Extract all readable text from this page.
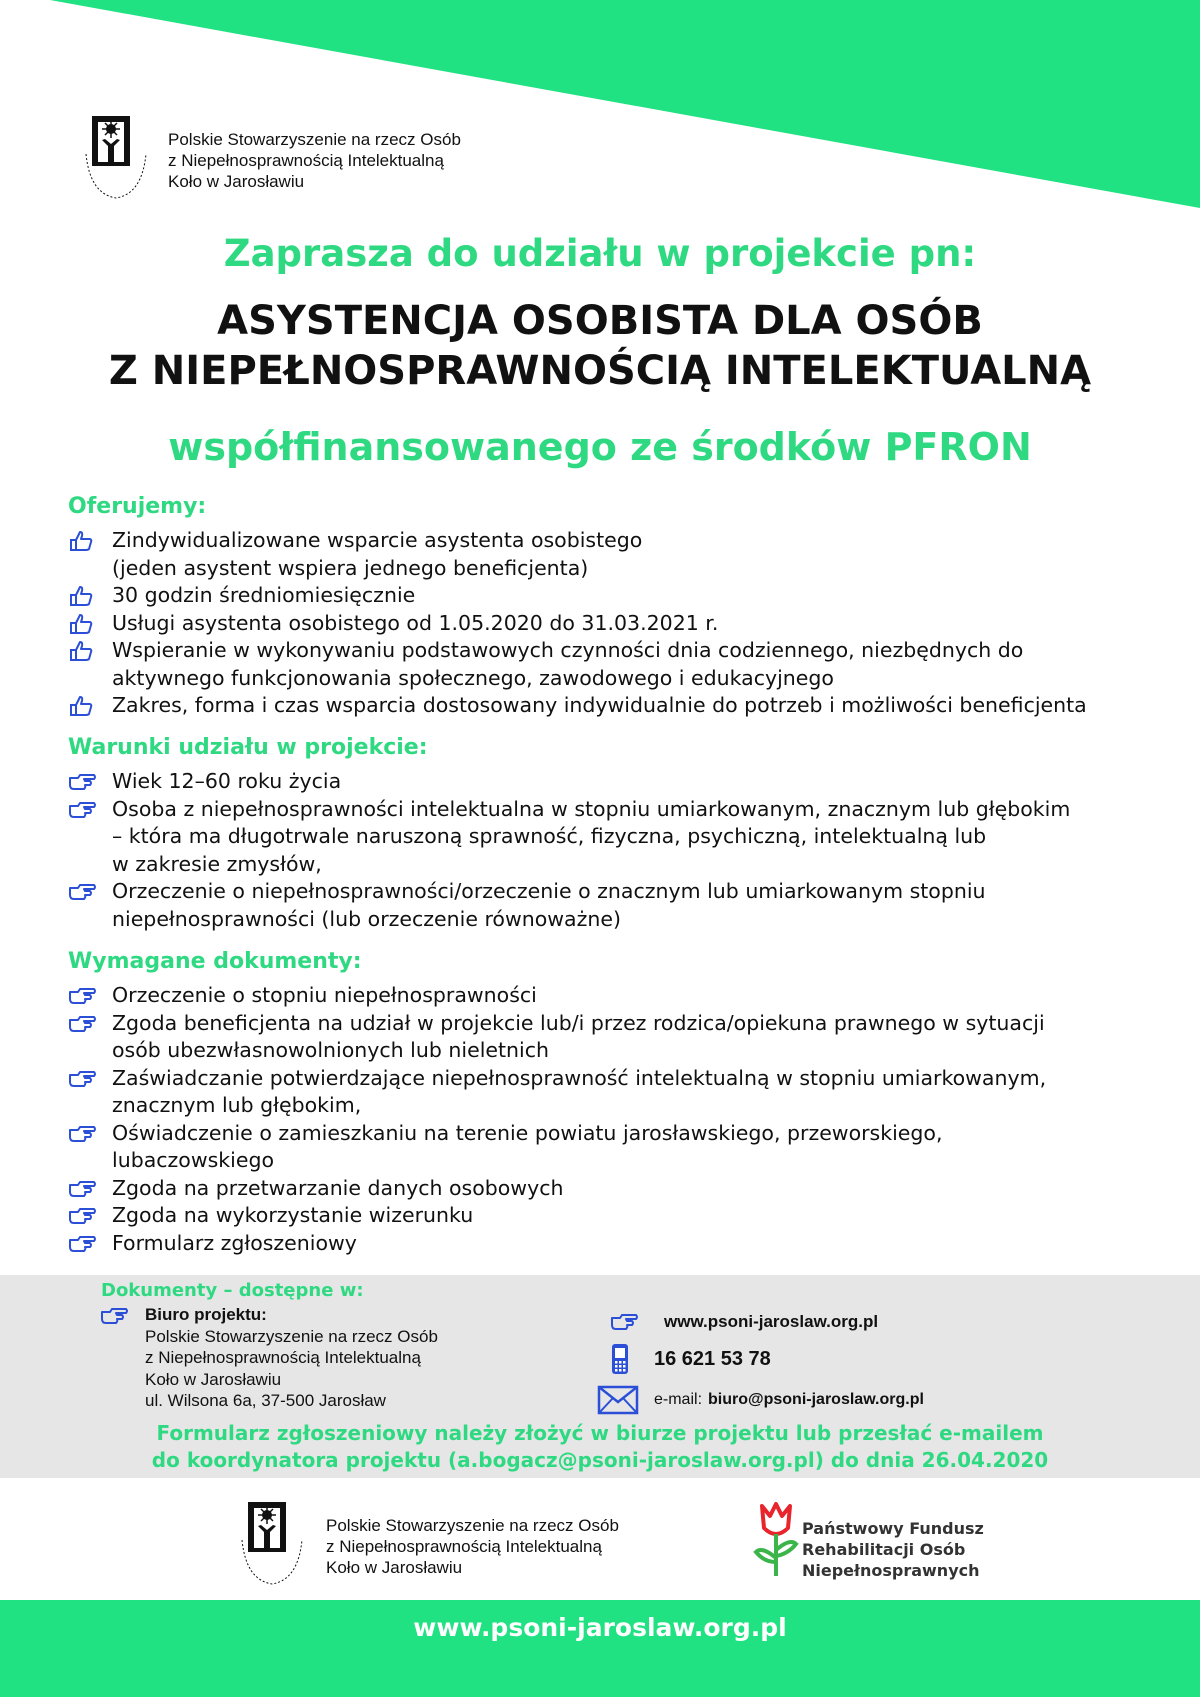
Polskie Stowarzyszenie na rzecz Osób
z Niepełnosprawnością Intelektualną
Koło w Jarosławiu
Zaprasza do udziału w projekcie pn:
ASYSTENCJA OSOBISTA DLA OSÓB
Z NIEPEŁNOSPRAWNOŚCIĄ INTELEKTUALNĄ
współfinansowanego ze środków PFRON
Oferujemy:
Zindywidualizowane wsparcie asystenta osobistego
(jeden asystent wspiera jednego beneficjenta)
30 godzin średniomiesięcznie
Usługi asystenta osobistego od 1.05.2020 do 31.03.2021 r.
Wspieranie w wykonywaniu podstawowych czynności dnia codziennego, niezbędnych do
aktywnego funkcjonowania społecznego, zawodowego i edukacyjnego
Zakres, forma i czas wsparcia dostosowany indywidualnie do potrzeb i możliwości beneficjenta
Warunki udziału w projekcie:
Wiek 12–60 roku życia
Osoba z niepełnosprawności intelektualna w stopniu umiarkowanym, znacznym lub głębokim
– która ma długotrwale naruszoną sprawność, fizyczna, psychiczną, intelektualną lub
w zakresie zmysłów,
Orzeczenie o niepełnosprawności/orzeczenie o znacznym lub umiarkowanym stopniu
niepełnosprawności (lub orzeczenie równoważne)
Wymagane dokumenty:
Orzeczenie o stopniu niepełnosprawności
Zgoda beneficjenta na udział w projekcie lub/i przez rodzica/opiekuna prawnego w sytuacji
osób ubezwłasnowolnionych lub nieletnich
Zaświadczanie potwierdzające niepełnosprawność intelektualną w stopniu umiarkowanym,
znacznym lub głębokim,
Oświadczenie o zamieszkaniu na terenie powiatu jarosławskiego, przeworskiego,
lubaczowskiego
Zgoda na przetwarzanie danych osobowych
Zgoda na wykorzystanie wizerunku
Formularz zgłoszeniowy
Dokumenty – dostępne w:
Biuro projektu:
Polskie Stowarzyszenie na rzecz Osób
z Niepełnosprawnością Intelektualną
Koło w Jarosławiu
ul. Wilsona 6a, 37-500 Jarosław
www.psoni-jaroslaw.org.pl
16 621 53 78
e-mail: biuro@psoni-jaroslaw.org.pl
Formularz zgłoszeniowy należy złożyć w biurze projektu lub przesłać e-mailem
do koordynatora projektu (a.bogacz@psoni-jaroslaw.org.pl) do dnia 26.04.2020
Polskie Stowarzyszenie na rzecz Osób
z Niepełnosprawnością Intelektualną
Koło w Jarosławiu
Państwowy Fundusz
Rehabilitacji Osób
Niepełnosprawnych
www.psoni-jaroslaw.org.pl
